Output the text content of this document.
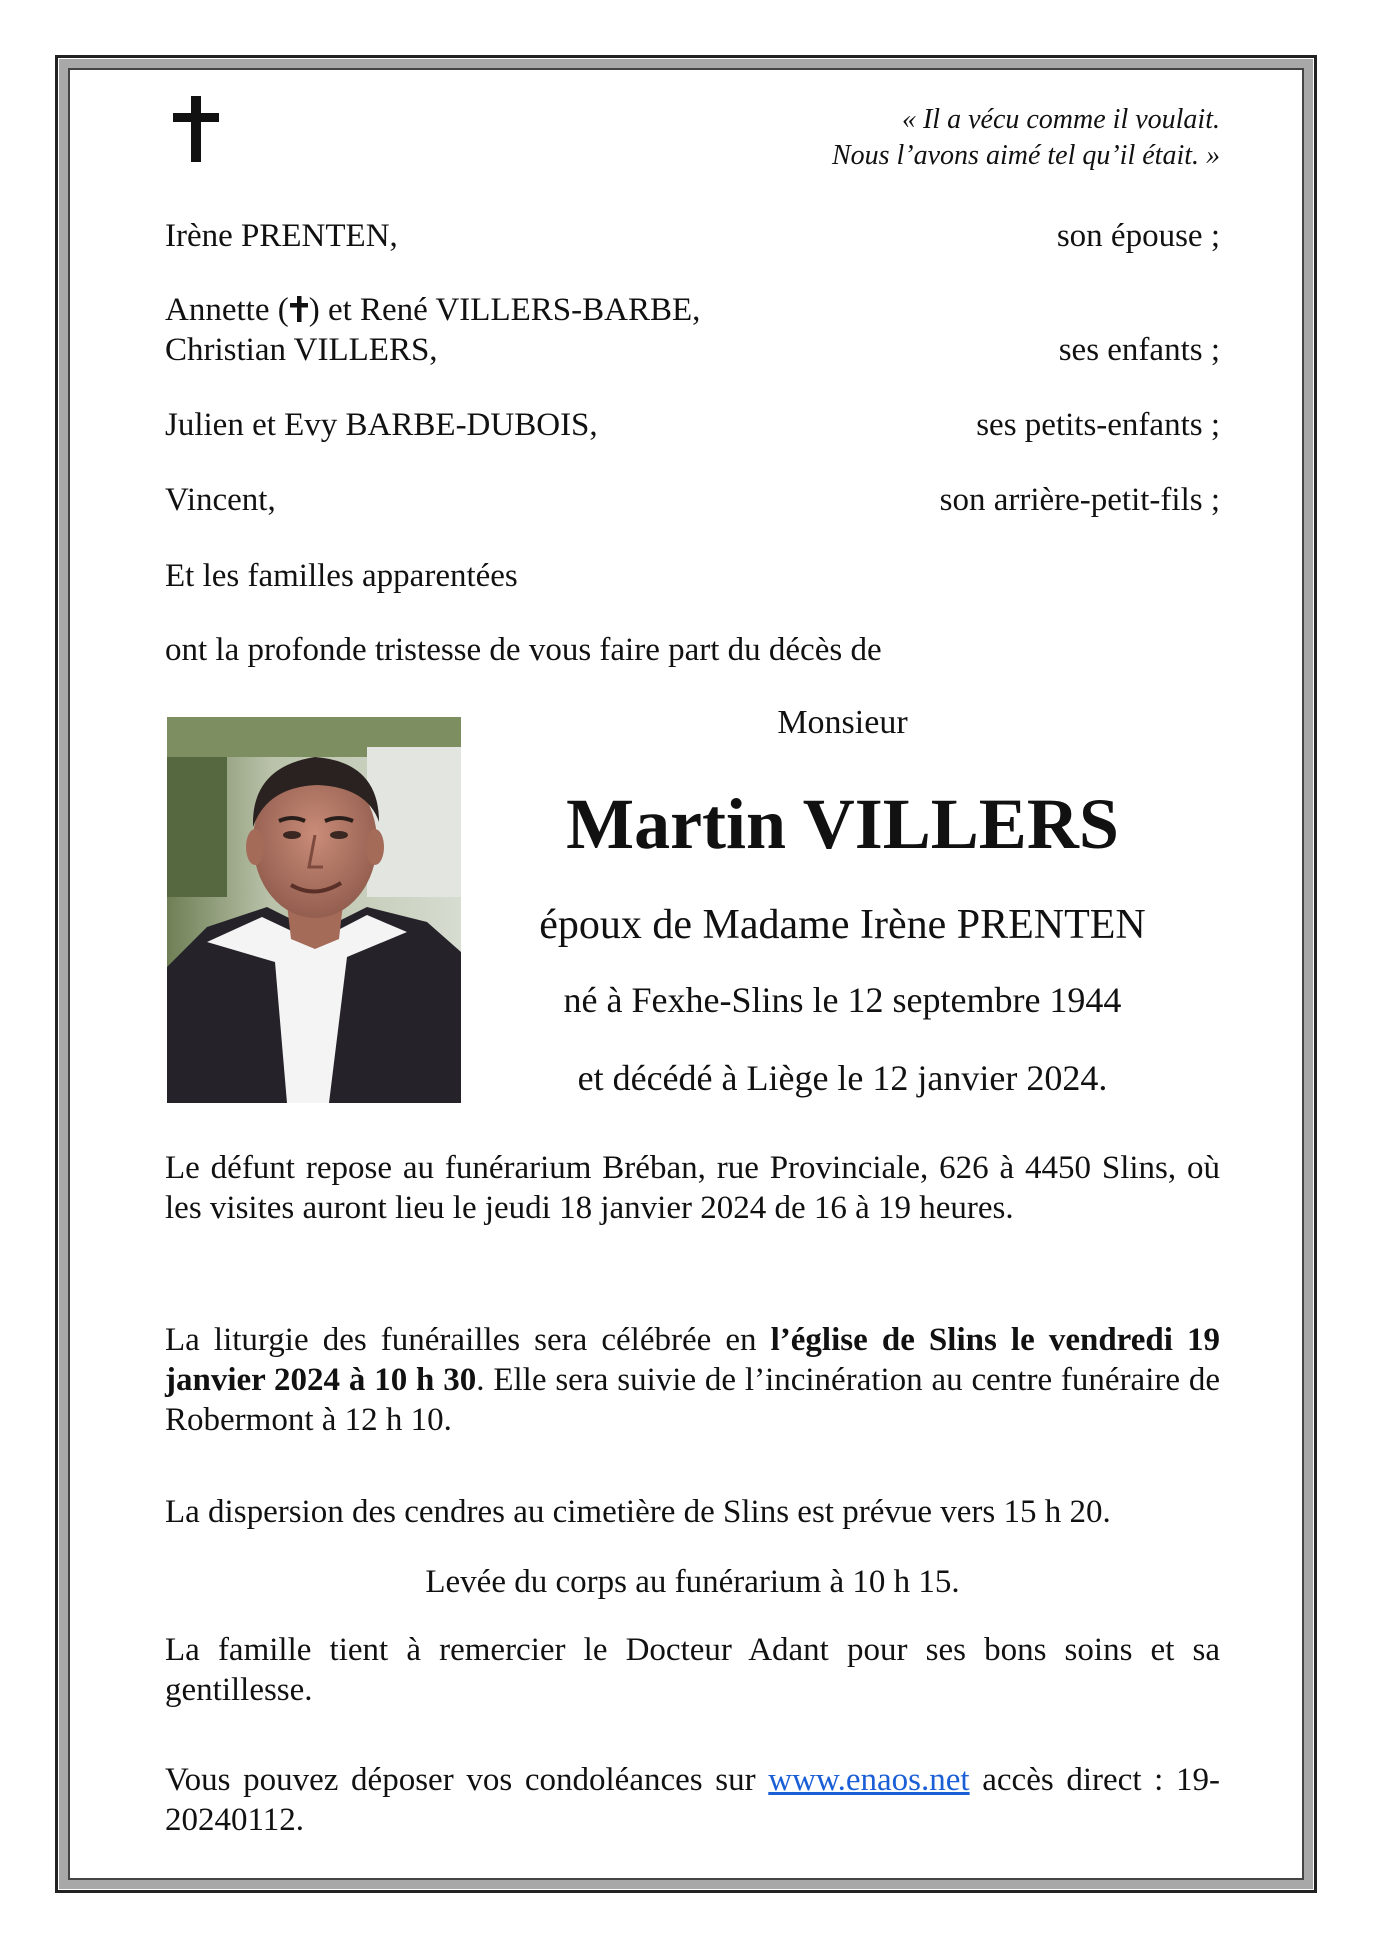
« Il a vécu comme il voulait.
Nous l’avons aimé tel qu’il était. »
Irène PRENTEN,	son épouse ;
Annette ( ) et René VILLERS-BARBE,
Christian VILLERS,	ses enfants ;
Julien et Evy BARBE-DUBOIS,	ses petits-enfants ;
Vincent,	son arrière-petit-fils ;
Et les familles apparentées
ont la profonde tristesse de vous faire part du décès de
Monsieur
Martin VILLERS
époux de Madame Irène PRENTEN
né à Fexhe-Slins le 12 septembre 1944
et décédé à Liège le 12 janvier 2024.
Le défunt repose au funérarium Bréban, rue Provinciale, 626 à 4450 Slins, où les visites auront lieu le jeudi 18 janvier 2024 de 16 à 19 heures.
La liturgie des funérailles sera célébrée en l’église de Slins le vendredi 19 janvier 2024 à 10 h 30. Elle sera suivie de l’incinération au centre funéraire de Robermont à 12 h 10.
La dispersion des cendres au cimetière de Slins est prévue vers 15 h 20.
Levée du corps au funérarium à 10 h 15.
La famille tient à remercier le Docteur Adant pour ses bons soins et sa gentillesse.
Vous pouvez déposer vos condoléances sur www.enaos.net accès direct : 19-20240112.
